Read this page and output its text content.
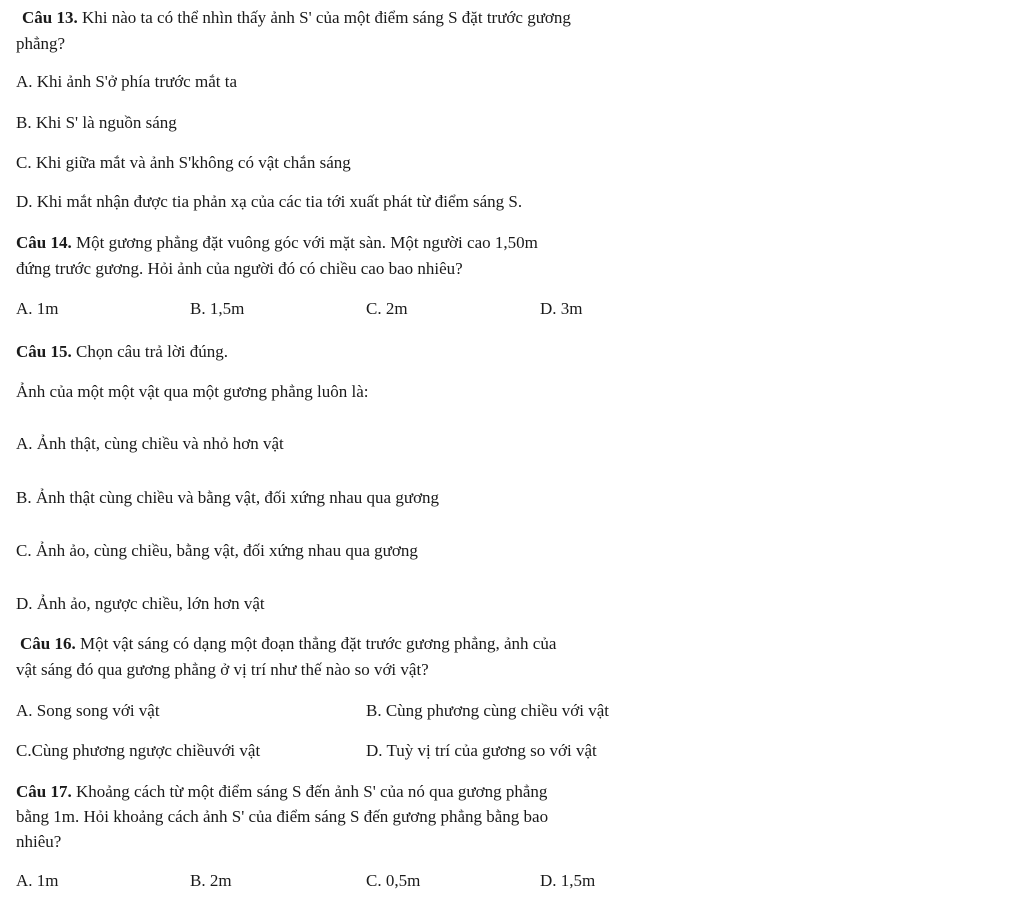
Câu 13. Khi nào ta có thể nhìn thấy ảnh S' của một điểm sáng S đặt trước gương
phẳng?
A. Khi ảnh S'ở phía trước mắt ta
B. Khi S' là nguồn sáng
C. Khi giữa mắt và ảnh S'không có vật chắn sáng
D. Khi mắt nhận được tia phản xạ của các tia tới xuất phát từ điểm sáng S.
Câu 14. Một gương phẳng đặt vuông góc với mặt sàn. Một người cao 1,50m
đứng trước gương. Hỏi ảnh của người đó có chiều cao bao nhiêu?
A. 1m	B. 1,5m	C. 2m	D. 3m
Câu 15. Chọn câu trả lời đúng.
Ảnh của một một vật qua một gương phẳng luôn là:
A. Ảnh thật, cùng chiều và nhỏ hơn vật
B. Ảnh thật cùng chiều và bằng vật, đối xứng nhau qua gương
C. Ảnh ảo, cùng chiều, bằng vật, đối xứng nhau qua gương
D. Ảnh ảo, ngược chiều, lớn hơn vật
Câu 16. Một vật sáng có dạng một đoạn thẳng đặt trước gương phẳng, ảnh của
vật sáng đó qua gương phẳng ở vị trí như thế nào so với vật?
A. Song song với vật	B. Cùng phương cùng chiều với vật
C.Cùng phương ngược chiềuvới vật	D. Tuỳ vị trí của gương so với vật
Câu 17. Khoảng cách từ một điểm sáng S đến ảnh S' của nó qua gương phẳng
bằng 1m. Hỏi khoảng cách ảnh S' của điểm sáng S đến gương phẳng bằng bao
nhiêu?
A. 1m	B. 2m	C. 0,5m	D. 1,5m
